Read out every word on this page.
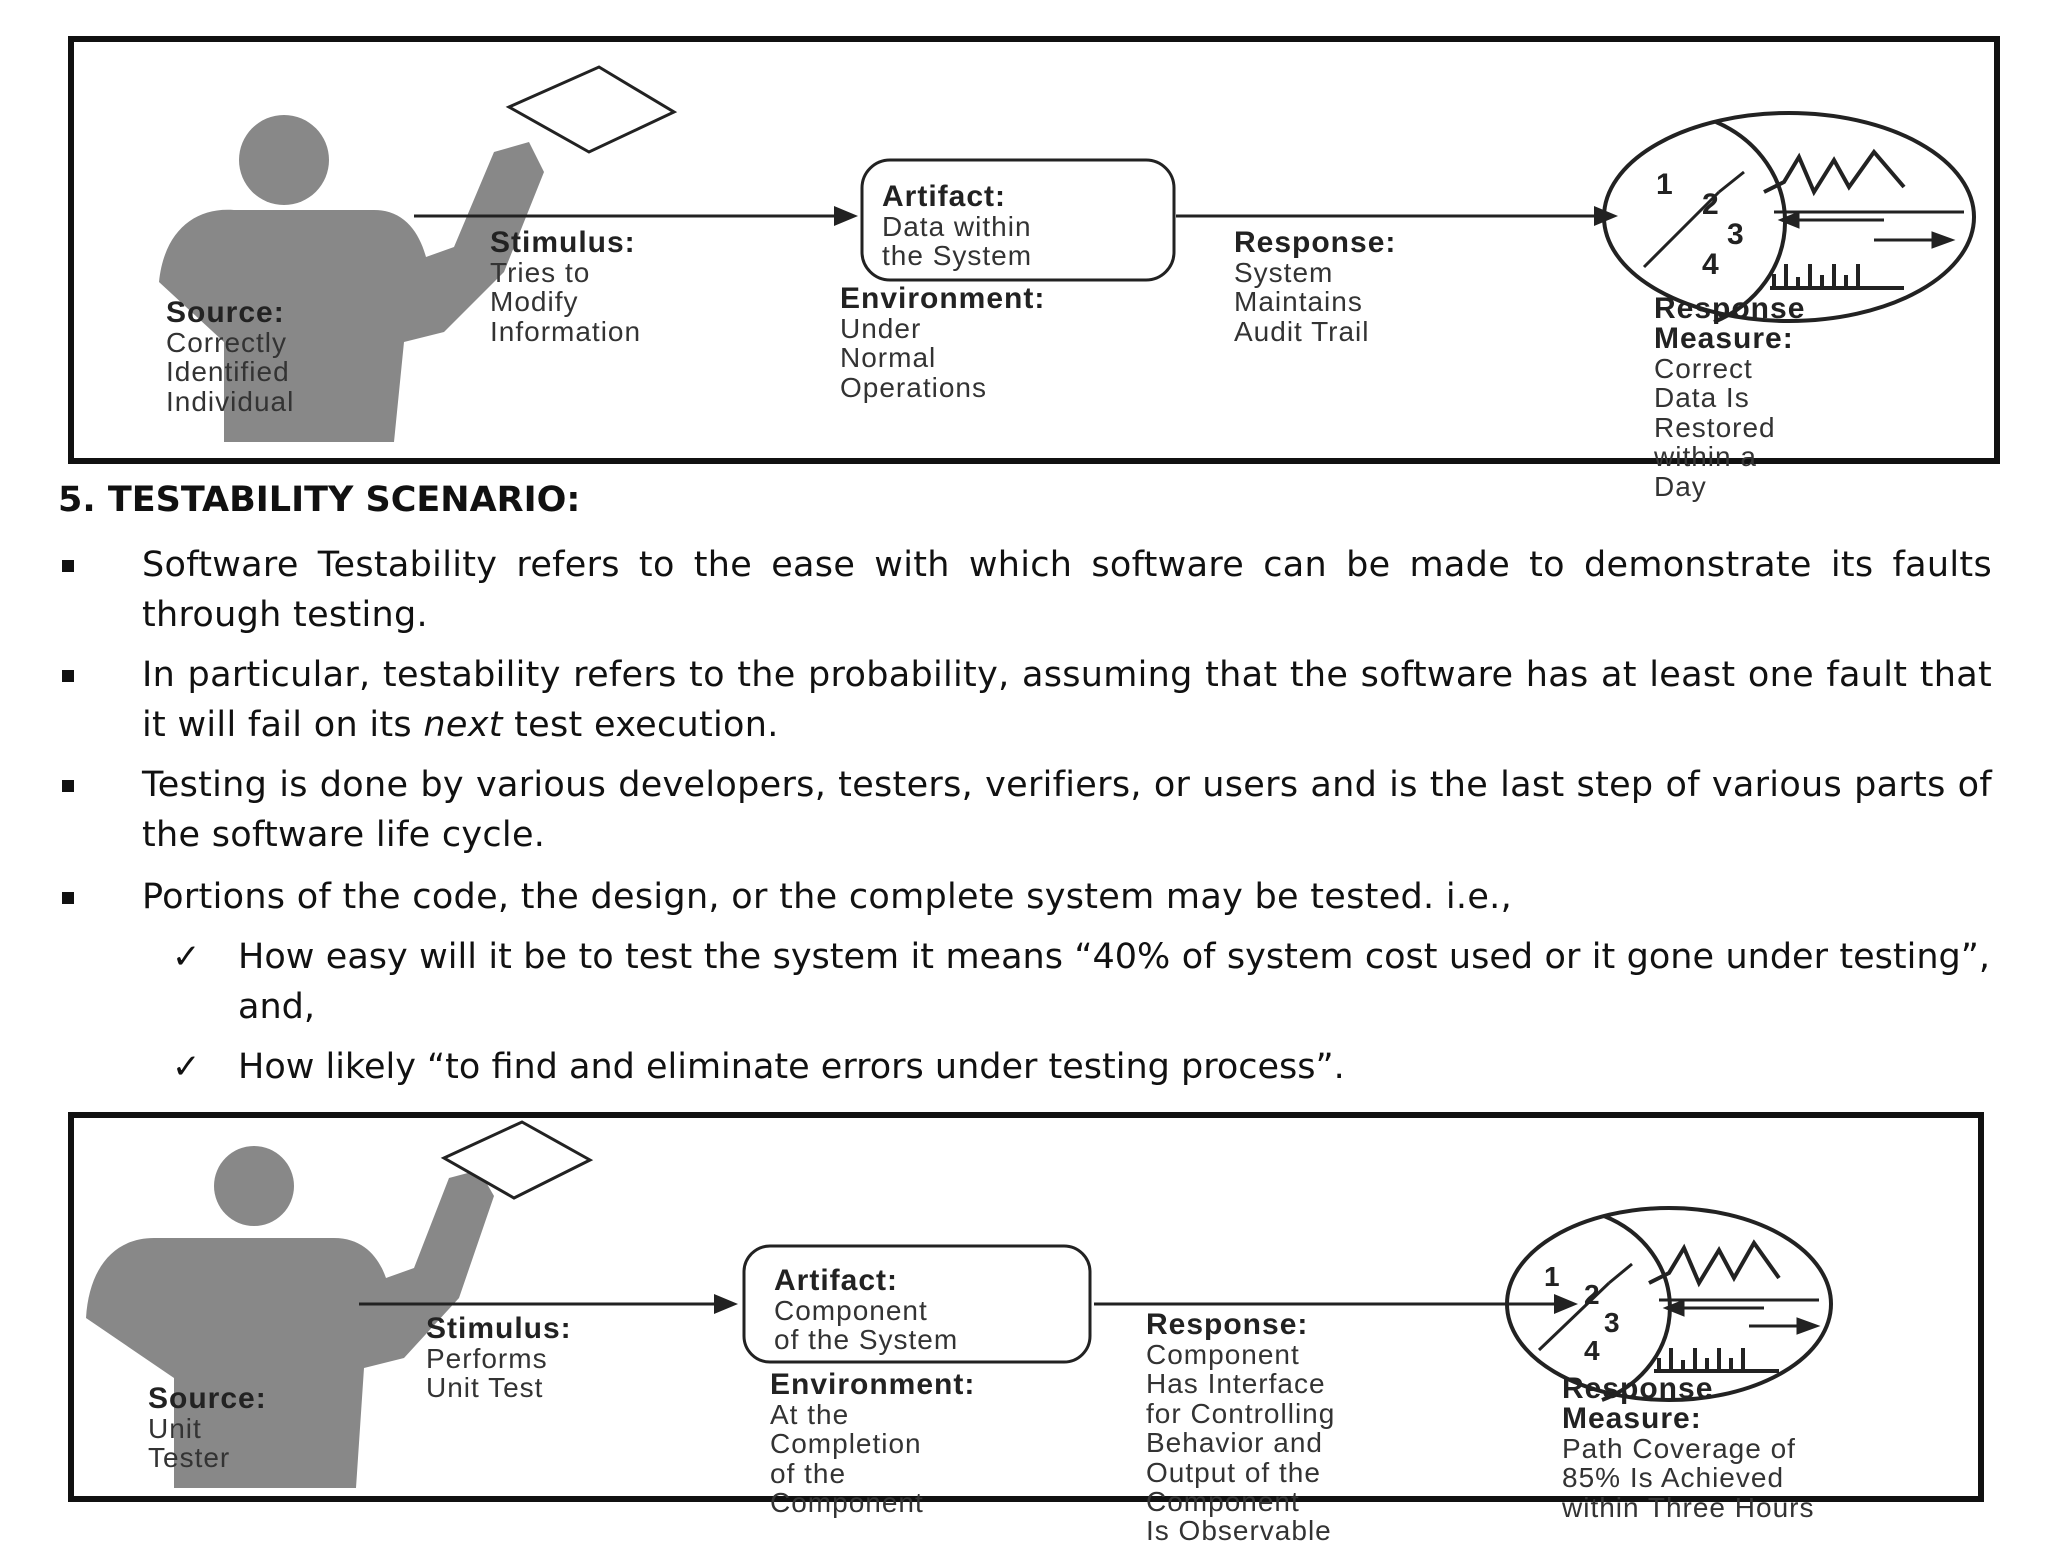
1
2
3
4
Artifact:
Data within
the System
Stimulus:
Tries to
Modify
Information
Source:
Correctly
Identified
Individual
Environment:
Under
Normal
Operations
Response:
System
Maintains
Audit Trail
Response
Measure:
Correct
Data Is
Restored
within a
Day
5. TESTABILITY SCENARIO:

Software Testability refers to the ease with which software can be made to demonstrate its faults through testing.

In particular, testability refers to the probability, assuming that the software has at least one fault that it will fail on its next test execution.

Testing is done by various developers, testers, verifiers, or users and is the last step of various parts of the software life cycle.

Portions of the code, the design, or the complete system may be tested. i.e.,

✓ How easy will it be to test the system it means “40% of system cost used or it gone under testing”, and,

✓ How likely “to find and eliminate errors under testing process”.

1
2
3
4
Artifact:
Component
of the System
Stimulus:
Performs
Unit Test
Source:
Unit
Tester
Environment:
At the
Completion
of the
Component
Response:
Component
Has Interface
for Controlling
Behavior and
Output of the
Component
Is Observable
Response
Measure:
Path Coverage of
85% Is Achieved
within Three Hours
